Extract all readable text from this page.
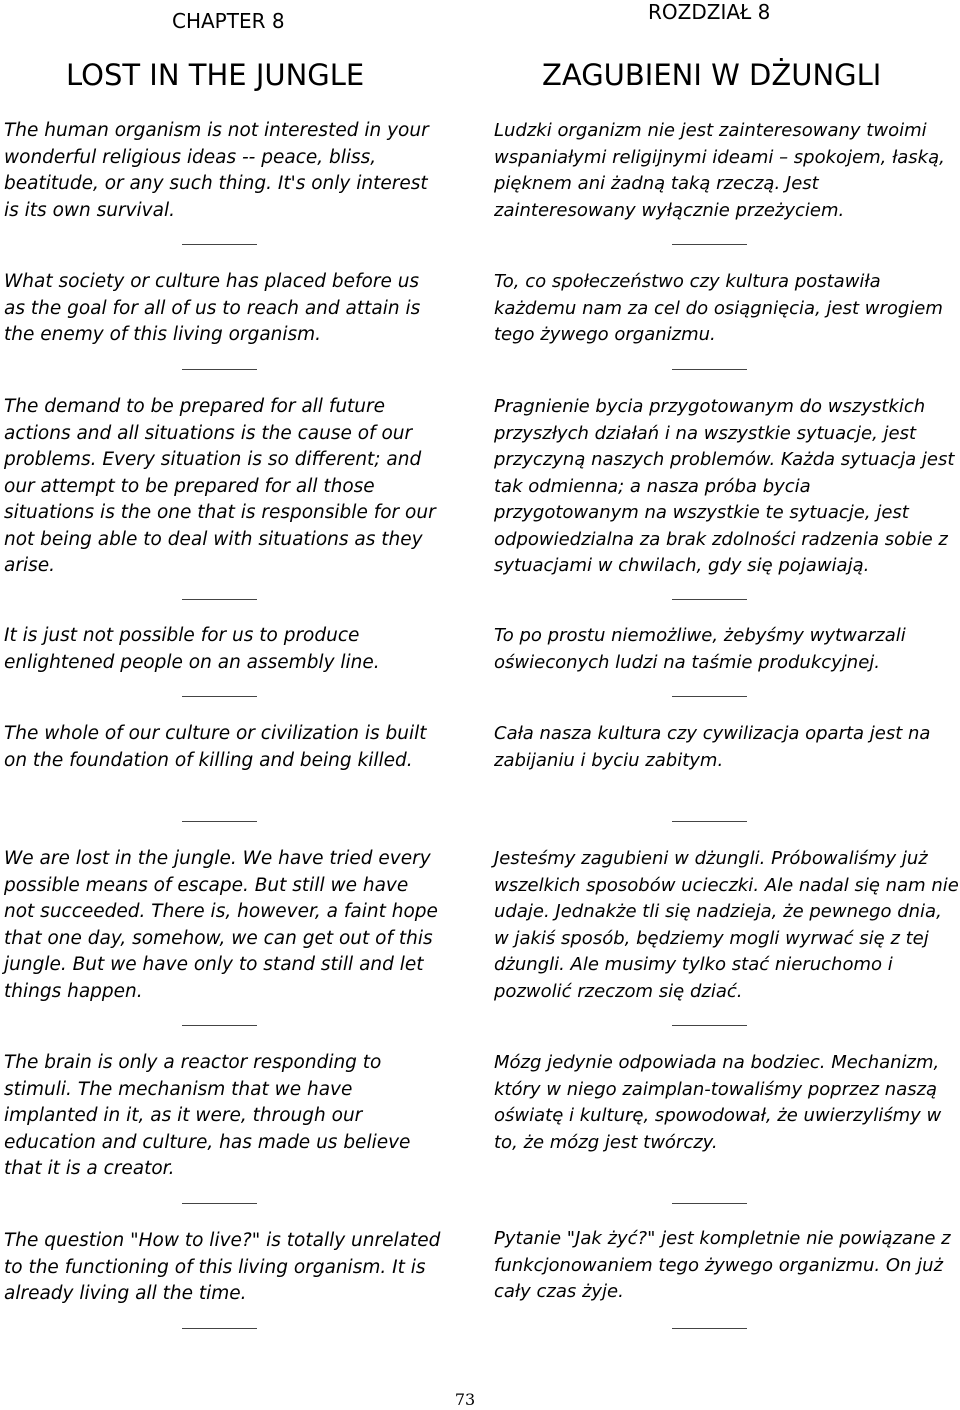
CHAPTER 8
LOST IN THE JUNGLE

The human organism is not interested in your wonderful religious ideas -- peace, bliss, beatitude, or any such thing. It's only interest is its own survival.

What society or culture has placed before us as the goal for all of us to reach and attain is the enemy of this living organism.

The demand to be prepared for all future actions and all situations is the cause of our problems. Every situation is so different; and our attempt to be prepared for all those situations is the one that is responsible for our not being able to deal with situations as they arise.

It is just not possible for us to produce enlightened people on an assembly line.

The whole of our culture or civilization is built on the foundation of killing and being killed.

We are lost in the jungle. We have tried every possible means of escape. But still we have not succeeded. There is, however, a faint hope that one day, somehow, we can get out of this jungle. But we have only to stand still and let things happen.

The brain is only a reactor responding to stimuli. The mechanism that we have implanted in it, as it were, through our education and culture, has made us believe that it is a creator.

The question "How to live?" is totally unrelated to the functioning of this living organism. It is already living all the time.

ROZDZIAŁ 8
ZAGUBIENI W DŻUNGLI

Ludzki organizm nie jest zainteresowany twoimi wspaniałymi religijnymi ideami – spokojem, łaską, pięknem ani żadną taką rzeczą. Jest zainteresowany wyłącznie przeżyciem.

To, co społeczeństwo czy kultura postawiła każdemu nam za cel do osiągnięcia, jest wrogiem tego żywego organizmu.

Pragnienie bycia przygotowanym do wszystkich przyszłych działań i na wszystkie sytuacje, jest przyczyną naszych problemów. Każda sytuacja jest tak odmienna; a nasza próba bycia przygotowanym na wszystkie te sytuacje, jest odpowiedzialna za brak zdolności radzenia sobie z sytuacjami w chwilach, gdy się pojawiają.

To po prostu niemożliwe, żebyśmy wytwarzali oświeconych ludzi na taśmie produkcyjnej.

Cała nasza kultura czy cywilizacja oparta jest na zabijaniu i byciu zabitym.

Jesteśmy zagubieni w dżungli. Próbowaliśmy już wszelkich sposobów ucieczki. Ale nadal się nam nie udaje. Jednakże tli się nadzieja, że pewnego dnia, w jakiś sposób, będziemy mogli wyrwać się z tej dżungli. Ale musimy tylko stać nieruchomo i pozwolić rzeczom się dziać.

Mózg jedynie odpowiada na bodziec. Mechanizm, który w niego zaimplan-towaliśmy poprzez naszą oświatę i kulturę, spowodował, że uwierzyliśmy w to, że mózg jest twórczy.

Pytanie "Jak żyć?" jest kompletnie nie powiązane z funkcjonowaniem tego żywego organizmu. On już cały czas żyje.

73
